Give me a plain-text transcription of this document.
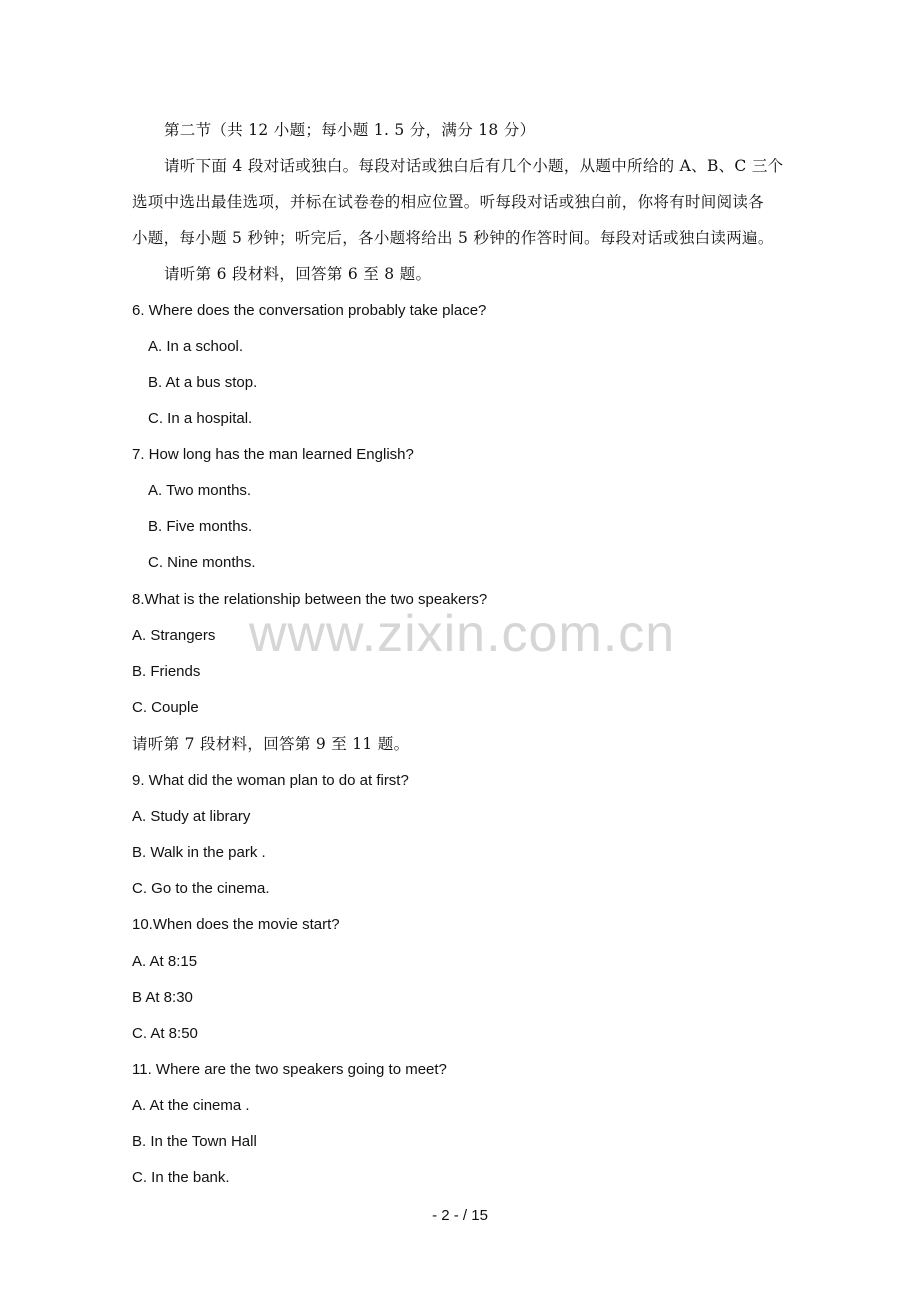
第二节（共 12 小题；每小题 1. 5 分，满分 18 分）
请听下面 4 段对话或独白。每段对话或独白后有几个小题，从题中所给的 A、B、C 三个
选项中选出最佳选项，并标在试卷卷的相应位置。听每段对话或独白前，你将有时间阅读各
小题，每小题 5 秒钟；听完后，各小题将给出 5 秒钟的作答时间。每段对话或独白读两遍。
请听第 6 段材料，回答第 6 至 8 题。
6. Where does the conversation probably take place?
A. In a school.
B. At a bus stop.
C. In a hospital.
7. How long has the man learned English?
A. Two months.
B. Five months.
C. Nine months.
8.What is the relationship between the two speakers?
A. Strangers
B. Friends
C. Couple
请听第 7 段材料，回答第 9 至 11 题。
9. What did the woman plan to do at first?
A. Study at library
B. Walk in the park .
C. Go to the cinema.
10.When does the movie start?
A. At 8:15
B At 8:30
C. At 8:50
11. Where are the two speakers going to meet?
A. At the cinema .
B. In the Town Hall
C. In the bank.
www.zixin.com.cn
- 2 - / 15
